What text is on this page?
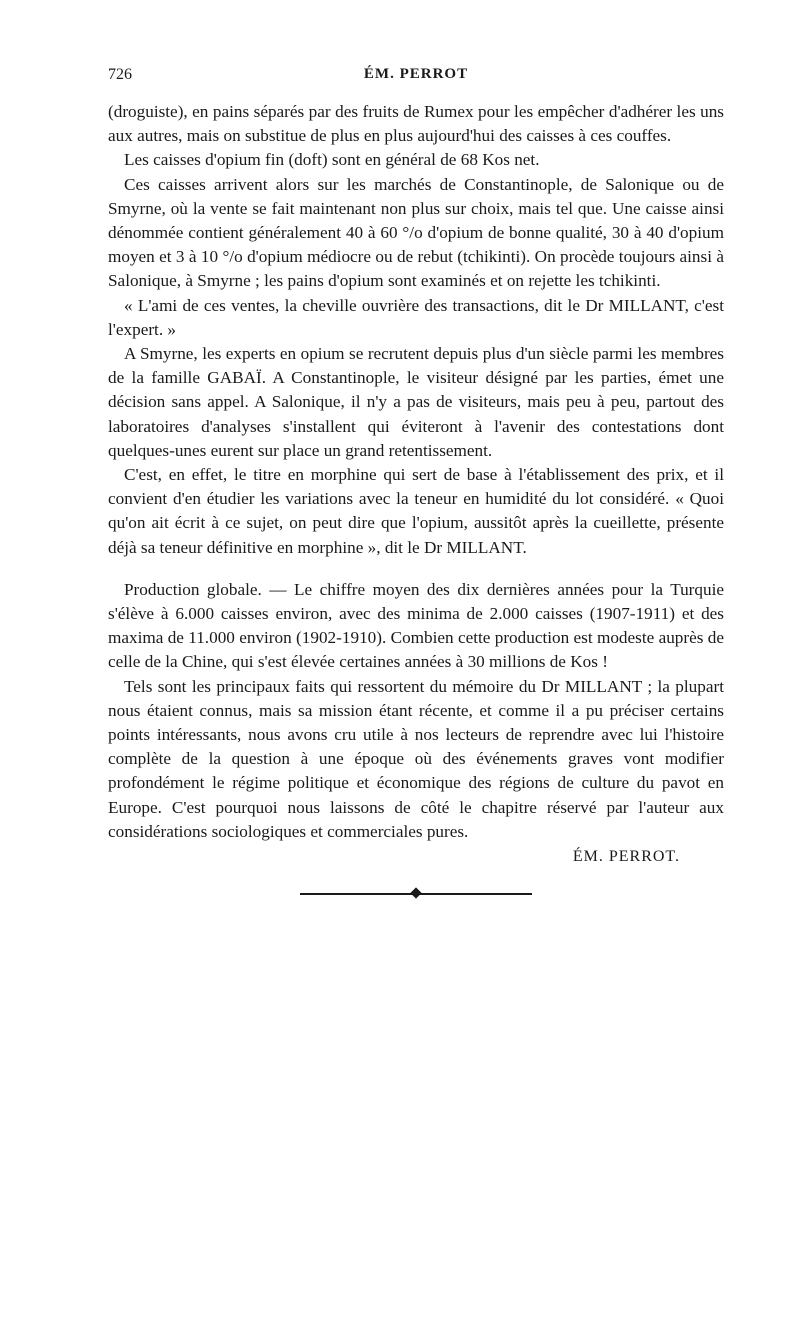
726	ÉM. PERROT

(droguiste), en pains séparés par des fruits de Rumex pour les empêcher d'adhérer les uns aux autres, mais on substitue de plus en plus aujourd'hui des caisses à ces couffes.

Les caisses d'opium fin (doft) sont en général de 68 Kos net.

Ces caisses arrivent alors sur les marchés de Constantinople, de Salonique ou de Smyrne, où la vente se fait maintenant non plus sur choix, mais tel que. Une caisse ainsi dénommée contient généralement 40 à 60 °/o d'opium de bonne qualité, 30 à 40 d'opium moyen et 3 à 10 °/o d'opium médiocre ou de rebut (tchikinti). On procède toujours ainsi à Salonique, à Smyrne ; les pains d'opium sont examinés et on rejette les tchikinti.

« L'ami de ces ventes, la cheville ouvrière des transactions, dit le Dr MILLANT, c'est l'expert. »

A Smyrne, les experts en opium se recrutent depuis plus d'un siècle parmi les membres de la famille GABAÏ. A Constantinople, le visiteur désigné par les parties, émet une décision sans appel. A Salonique, il n'y a pas de visiteurs, mais peu à peu, partout des laboratoires d'analyses s'installent qui éviteront à l'avenir des contestations dont quelques-unes eurent sur place un grand retentissement.

C'est, en effet, le titre en morphine qui sert de base à l'établissement des prix, et il convient d'en étudier les variations avec la teneur en humidité du lot considéré. « Quoi qu'on ait écrit à ce sujet, on peut dire que l'opium, aussitôt après la cueillette, présente déjà sa teneur définitive en morphine », dit le Dr MILLANT.

Production globale. — Le chiffre moyen des dix dernières années pour la Turquie s'élève à 6.000 caisses environ, avec des minima de 2.000 caisses (1907-1911) et des maxima de 11.000 environ (1902-1910). Combien cette production est modeste auprès de celle de la Chine, qui s'est élevée certaines années à 30 millions de Kos !

Tels sont les principaux faits qui ressortent du mémoire du Dr MILLANT ; la plupart nous étaient connus, mais sa mission étant récente, et comme il a pu préciser certains points intéressants, nous avons cru utile à nos lecteurs de reprendre avec lui l'histoire complète de la question à une époque où des événements graves vont modifier profondément le régime politique et économique des régions de culture du pavot en Europe. C'est pourquoi nous laissons de côté le chapitre réservé par l'auteur aux considérations sociologiques et commerciales pures.

ÉM. PERROT.
